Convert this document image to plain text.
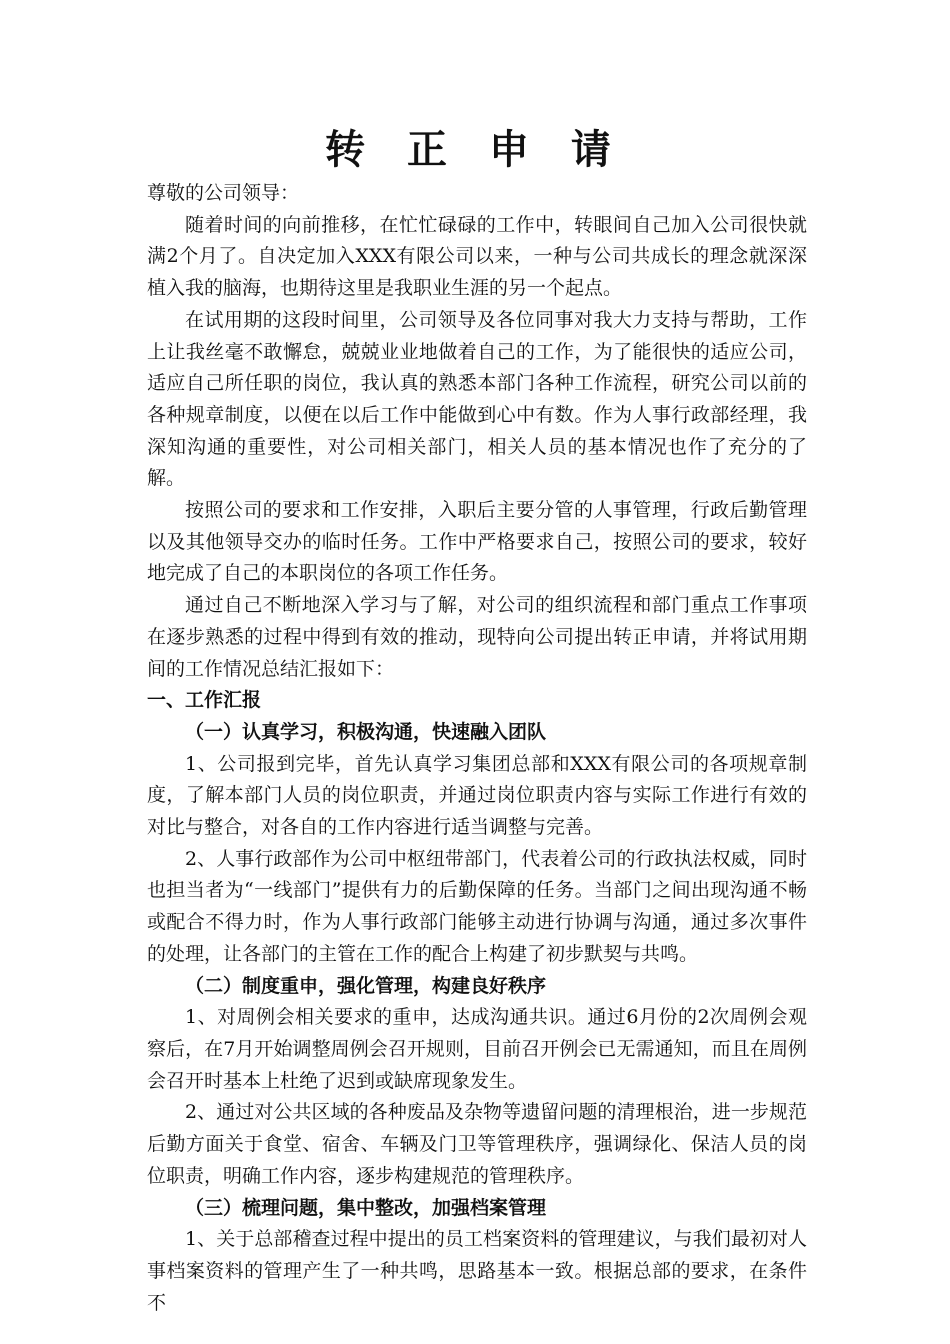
转 正 申 请

尊敬的公司领导：

随着时间的向前推移，在忙忙碌碌的工作中，转眼间自己加入公司很快就满2个月了。自决定加入XXX有限公司以来，一种与公司共成长的理念就深深植入我的脑海，也期待这里是我职业生涯的另一个起点。

在试用期的这段时间里，公司领导及各位同事对我大力支持与帮助，工作上让我丝毫不敢懈怠，兢兢业业地做着自己的工作，为了能很快的适应公司，适应自己所任职的岗位，我认真的熟悉本部门各种工作流程，研究公司以前的各种规章制度，以便在以后工作中能做到心中有数。作为人事行政部经理，我深知沟通的重要性，对公司相关部门，相关人员的基本情况也作了充分的了解。

按照公司的要求和工作安排，入职后主要分管的人事管理，行政后勤管理以及其他领导交办的临时任务。工作中严格要求自己，按照公司的要求，较好地完成了自己的本职岗位的各项工作任务。

通过自己不断地深入学习与了解，对公司的组织流程和部门重点工作事项在逐步熟悉的过程中得到有效的推动，现特向公司提出转正申请，并将试用期间的工作情况总结汇报如下：

一、工作汇报

（一）认真学习，积极沟通，快速融入团队

1、公司报到完毕，首先认真学习集团总部和XXX有限公司的各项规章制度，了解本部门人员的岗位职责，并通过岗位职责内容与实际工作进行有效的对比与整合，对各自的工作内容进行适当调整与完善。

2、人事行政部作为公司中枢纽带部门，代表着公司的行政执法权威，同时也担当者为“一线部门”提供有力的后勤保障的任务。当部门之间出现沟通不畅或配合不得力时，作为人事行政部门能够主动进行协调与沟通，通过多次事件的处理，让各部门的主管在工作的配合上构建了初步默契与共鸣。

（二）制度重申，强化管理，构建良好秩序

1、对周例会相关要求的重申，达成沟通共识。通过6月份的2次周例会观察后，在7月开始调整周例会召开规则，目前召开例会已无需通知，而且在周例会召开时基本上杜绝了迟到或缺席现象发生。

2、通过对公共区域的各种废品及杂物等遗留问题的清理根治，进一步规范后勤方面关于食堂、宿舍、车辆及门卫等管理秩序，强调绿化、保洁人员的岗位职责，明确工作内容，逐步构建规范的管理秩序。

（三）梳理问题，集中整改，加强档案管理

1、关于总部稽查过程中提出的员工档案资料的管理建议，与我们最初对人事档案资料的管理产生了一种共鸣，思路基本一致。根据总部的要求，在条件不
